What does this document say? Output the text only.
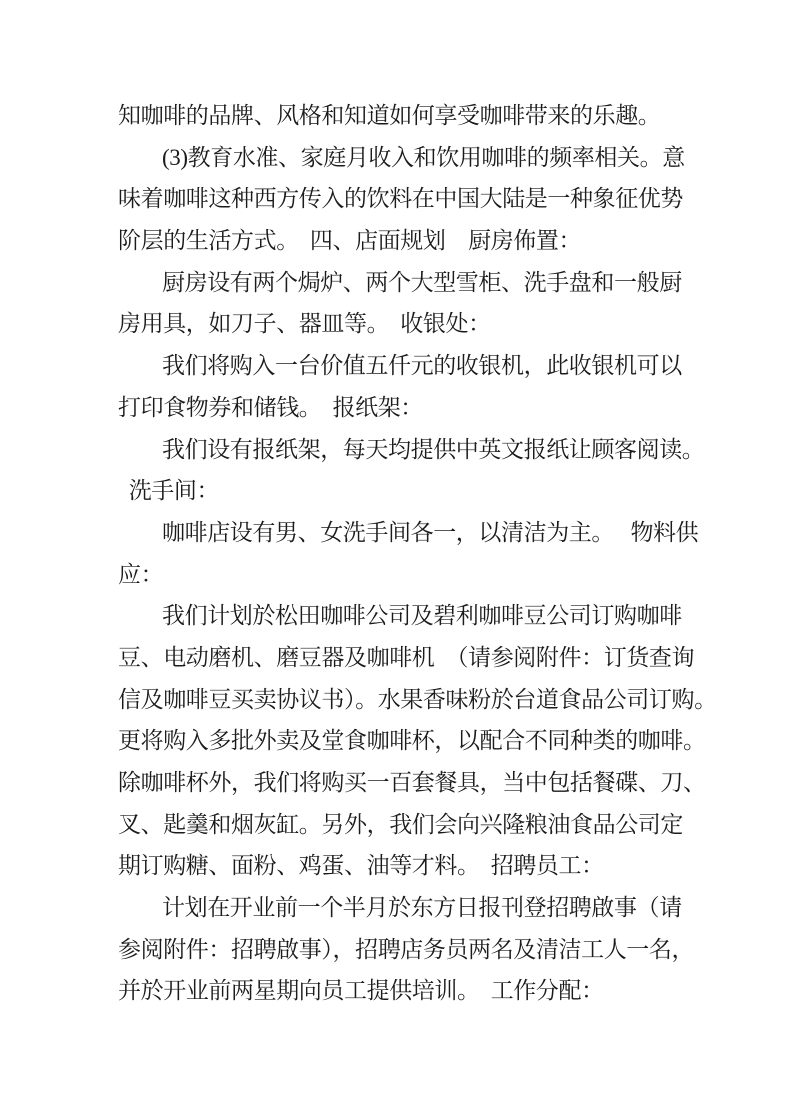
知咖啡的品牌、风格和知道如何享受咖啡带来的乐趣。
(3)教育水准、家庭月收入和饮用咖啡的频率相关。意
味着咖啡这种西方传入的饮料在中国大陆是一种象征优势
阶层的生活方式。　四、店面规划　厨房佈置：
厨房设有两个焗炉、两个大型雪柜、洗手盘和一般厨
房用具，如刀子、器皿等。　收银处：
我们将购入一台价值五仟元的收银机，此收银机可以
打印食物券和储钱。　报纸架：
我们设有报纸架，每天均提供中英文报纸让顾客阅读。
洗手间：
咖啡店设有男、女洗手间各一，以清洁为主。　 物料供
应：
我们计划於松田咖啡公司及碧利咖啡豆公司订购咖啡
豆、电动磨机、磨豆器及咖啡机　（请参阅附件：订货查询
信及咖啡豆买卖协议书）。水果香味粉於台道食品公司订购。
更将购入多批外卖及堂食咖啡杯，以配合不同种类的咖啡。
除咖啡杯外，我们将购买一百套餐具，当中包括餐碟、刀、
叉、匙羹和烟灰缸。另外，我们会向兴隆粮油食品公司定
期订购糖、面粉、鸡蛋、油等才料。　招聘员工：
计划在开业前一个半月於东方日报刊登招聘啟事（请
参阅附件：招聘啟事），招聘店务员两名及清洁工人一名，
并於开业前两星期向员工提供培训。　工作分配：
